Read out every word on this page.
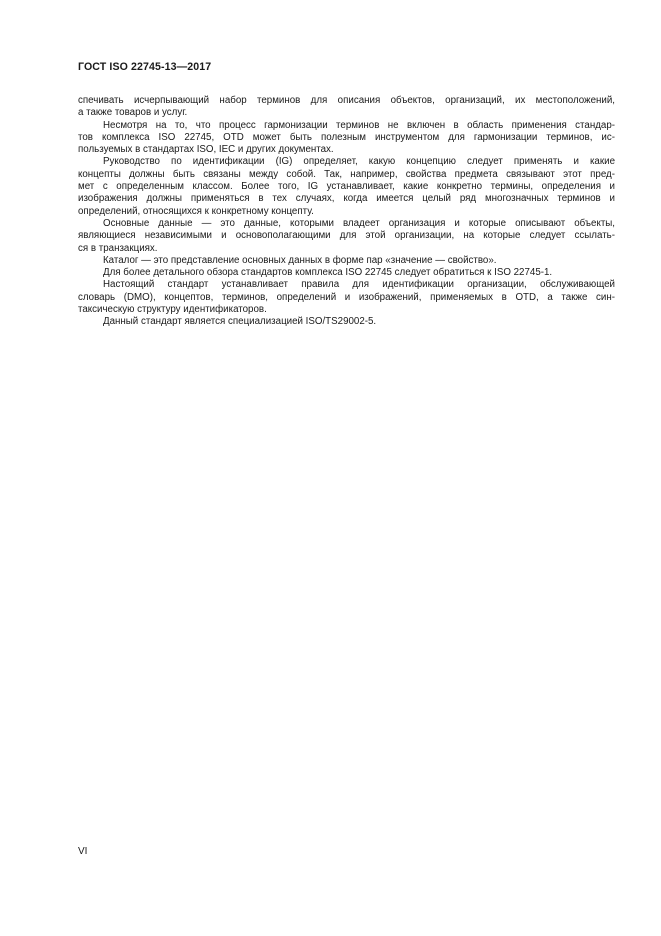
ГОСТ ISO 22745-13—2017
спечивать исчерпывающий набор терминов для описания объектов, организаций, их местоположений,
а также товаров и услуг.
Несмотря на то, что процесс гармонизации терминов не включен в область применения стандар-
тов комплекса ISO 22745, OTD может быть полезным инструментом для гармонизации терминов, ис-
пользуемых в стандартах ISO, IEC и других документах.
Руководство по идентификации (IG) определяет, какую концепцию следует применять и какие
концепты должны быть связаны между собой. Так, например, свойства предмета связывают этот пред-
мет с определенным классом. Более того, IG устанавливает, какие конкретно термины, определения и
изображения должны применяться в тех случаях, когда имеется целый ряд многозначных терминов и
определений, относящихся к конкретному концепту.
Основные данные — это данные, которыми владеет организация и которые описывают объекты,
являющиеся независимыми и основополагающими для этой организации, на которые следует ссылать-
ся в транзакциях.
Каталог — это представление основных данных в форме пар «значение — свойство».
Для более детального обзора стандартов комплекса ISO 22745 следует обратиться к ISO 22745-1.
Настоящий стандарт устанавливает правила для идентификации организации, обслуживающей
словарь (DMO), концептов, терминов, определений и изображений, применяемых в OTD, а также син-
таксическую структуру идентификаторов.
Данный стандарт является специализацией ISO/TS29002-5.
VI
